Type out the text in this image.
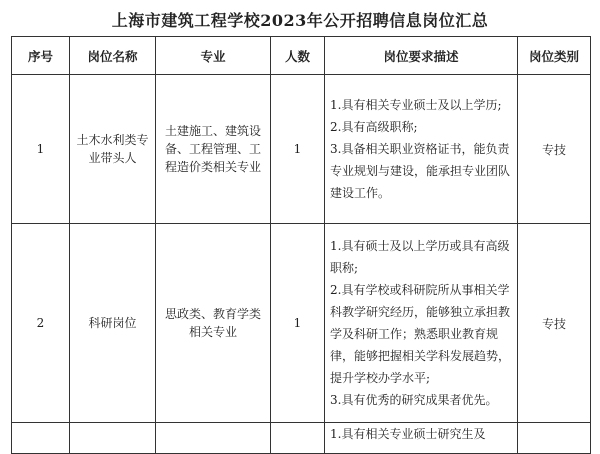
上海市建筑工程学校2023年公开招聘信息岗位汇总
序号	岗位名称	专业	人数	岗位要求描述	岗位类别
1	土木水利类专业带头人	土建施工、建筑设备、工程管理、工程造价类相关专业	1	1.具有相关专业硕士及以上学历;
2.具有高级职称;
3.具备相关职业资格证书，能负责专业规划与建设，能承担专业团队建设工作。	专技
2	科研岗位	思政类、教育学类相关专业	1	1.具有硕士及以上学历或具有高级职称;
2.具有学校或科研院所从事相关学科教学研究经历，能够独立承担教学及科研工作；熟悉职业教育规律，能够把握相关学科发展趋势，提升学校办学水平;
3.具有优秀的研究成果者优先。	专技
				1.具有相关专业硕士研究生及	
